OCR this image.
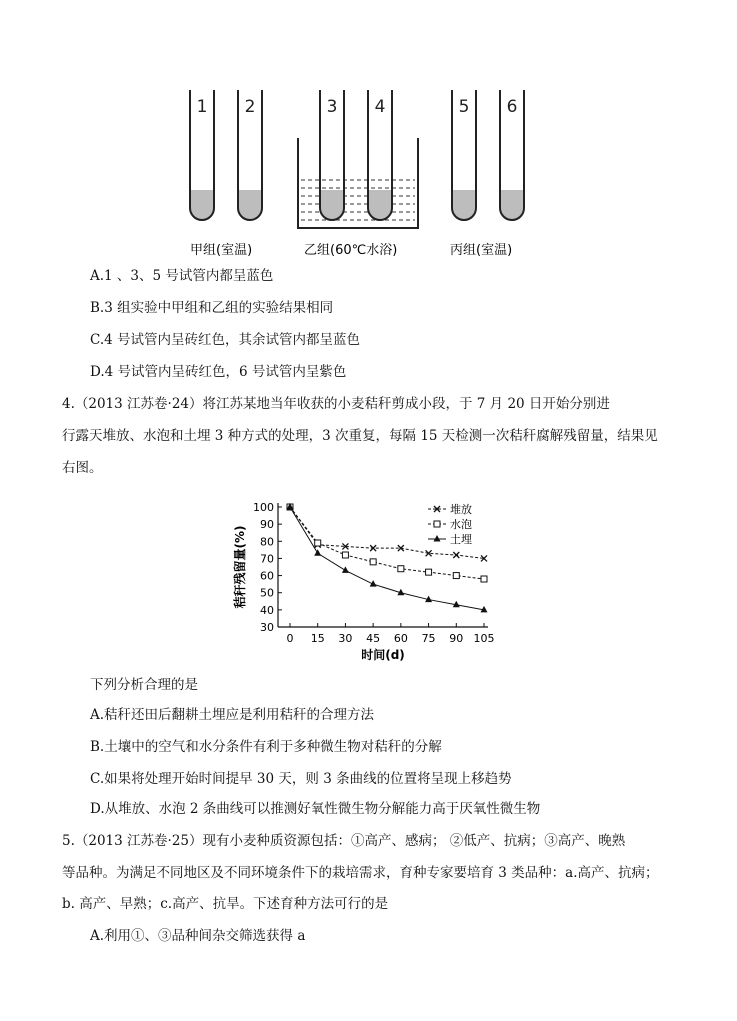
1 2	3 4	5 6
甲组(室温)	乙组(60℃水浴)	丙组(室温)
A.1 、3、5 号试管内都呈蓝色
B.3 组实验中甲组和乙组的实验结果相同
C.4 号试管内呈砖红色，其余试管内都呈蓝色
D.4 号试管内呈砖红色，6 号试管内呈紫色
4.（2013 江苏卷·24）将江苏某地当年收获的小麦秸秆剪成小段，于 7 月 20 日开始分别进
行露天堆放、水泡和土埋 3 种方式的处理，3 次重复，每隔 15 天检测一次秸秆腐解残留量，结果见
右图。
100
90
80
70
60
50
40
30
0 15 30 45 60 75 90 105
时间(d)
秸秆残留量(%)
堆放
水泡
土埋
下列分析合理的是
A.秸秆还田后翻耕土埋应是利用秸秆的合理方法
B.土壤中的空气和水分条件有利于多种微生物对秸秆的分解
C.如果将处理开始时间提早 30 天，则 3 条曲线的位置将呈现上移趋势
D.从堆放、水泡 2 条曲线可以推测好氧性微生物分解能力高于厌氧性微生物
5.（2013 江苏卷·25）现有小麦种质资源包括：①高产、感病； ②低产、抗病；③高产、晚熟
等品种。为满足不同地区及不同环境条件下的栽培需求，育种专家要培育 3 类品种：a.高产、抗病；
b. 高产、早熟；c.高产、抗旱。下述育种方法可行的是
A.利用①、③品种间杂交筛选获得 a
